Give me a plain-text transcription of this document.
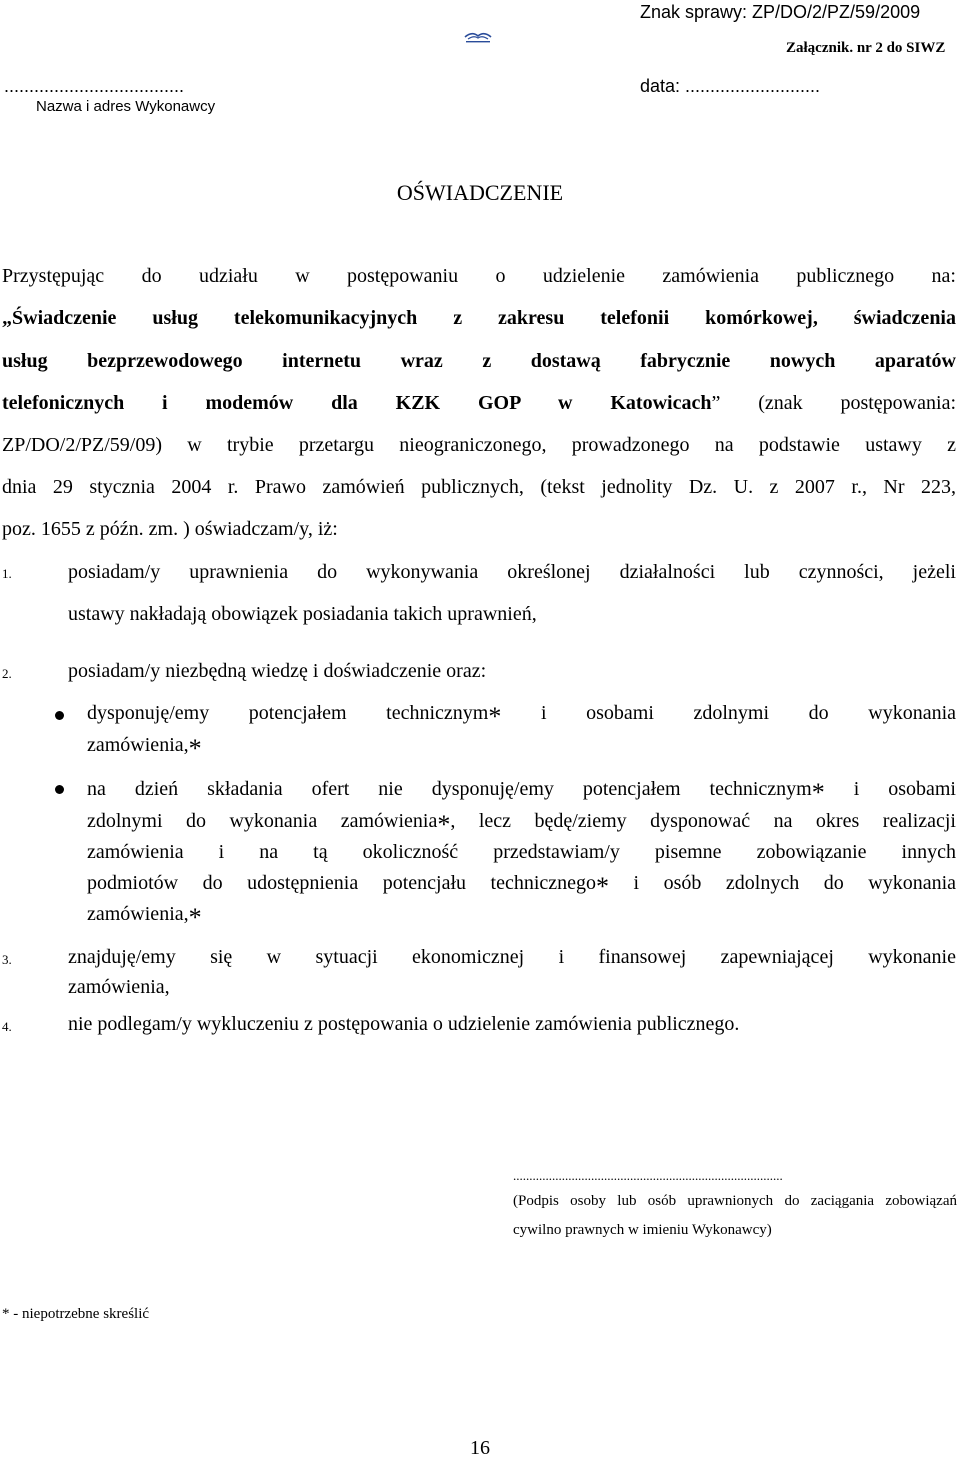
Znak sprawy: ZP/DO/2/PZ/59/2009
Załącznik. nr 2 do SIWZ
....................................	data: ...........................
Nazwa i adres Wykonawcy
OŚWIADCZENIE
Przystępując do udziału w postępowaniu o udzielenie zamówienia publicznego na:
„Świadczenie usług telekomunikacyjnych z zakresu telefonii komórkowej, świadczenia
usług bezprzewodowego internetu wraz z dostawą fabrycznie nowych aparatów
telefonicznych i modemów dla KZK GOP w Katowicach” (znak postępowania:
ZP/DO/2/PZ/59/09) w trybie przetargu nieograniczonego, prowadzonego na podstawie ustawy z
dnia 29 stycznia 2004 r. Prawo zamówień publicznych, (tekst jednolity Dz. U. z 2007 r., Nr 223,
poz. 1655 z późn. zm. ) oświadczam/y, iż:
1.	posiadam/y uprawnienia do wykonywania określonej działalności lub czynności, jeżeli
ustawy nakładają obowiązek posiadania takich uprawnień,
2.	posiadam/y niezbędną wiedzę i doświadczenie oraz:
dysponuję/emy potencjałem technicznym* i osobami zdolnymi do wykonania
zamówienia,*
na dzień składania ofert nie dysponuję/emy potencjałem technicznym* i osobami
zdolnymi do wykonania zamówienia*, lecz będę/ziemy dysponować na okres realizacji
zamówienia i na tą okoliczność przedstawiam/y pisemne zobowiązanie innych
podmiotów do udostępnienia potencjału technicznego* i osób zdolnych do wykonania
zamówienia,*
3.	znajduję/emy się w sytuacji ekonomicznej i finansowej zapewniającej wykonanie
zamówienia,
4.	nie podlegam/y wykluczeniu z postępowania o udzielenie zamówienia publicznego.
...................................................................................
(Podpis osoby lub osób uprawnionych do zaciągania zobowiązań
cywilno prawnych w imieniu Wykonawcy)
* - niepotrzebne skreślić
16
